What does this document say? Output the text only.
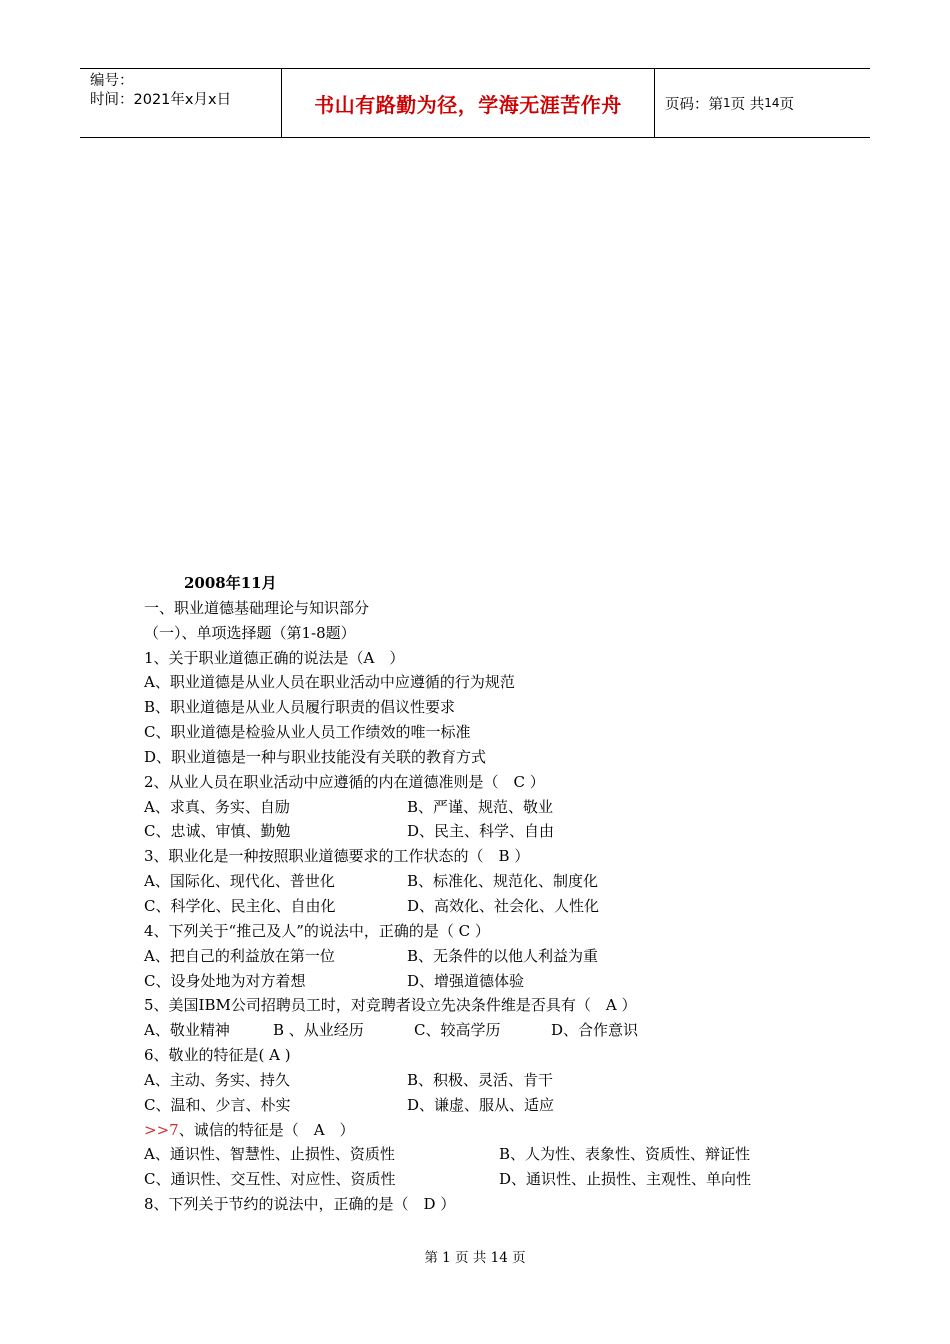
编号：
时间：2021年x月x日	书山有路勤为径，学海无涯苦作舟	页码：第 1 页 共 14 页
2008年11月
一、职业道德基础理论与知识部分
（一）、单项选择题（第1-8题）
1、关于职业道德正确的说法是（A　）
A、职业道德是从业人员在职业活动中应遵循的行为规范
B、职业道德是从业人员履行职责的倡议性要求
C、职业道德是检验从业人员工作绩效的唯一标准
D、职业道德是一种与职业技能没有关联的教育方式
2、从业人员在职业活动中应遵循的内在道德准则是（　C ）
A、求真、务实、自励	B、严谨、规范、敬业
C、忠诚、审慎、勤勉	D、民主、科学、自由
3、职业化是一种按照职业道德要求的工作状态的（　B ）
A、国际化、现代化、普世化	B、标准化、规范化、制度化
C、科学化、民主化、自由化	D、高效化、社会化、人性化
4、下列关于“推己及人”的说法中，正确的是（ C ）
A、把自己的利益放在第一位	B、无条件的以他人利益为重
C、设身处地为对方着想	D、增强道德体验
5、美国IBM公司招聘员工时，对竞聘者设立先决条件维是否具有（　A ）
A、敬业精神	B 、从业经历	C、较高学历	D、合作意识
6、敬业的特征是( A )
A、主动、务实、持久	B、积极、灵活、肯干
C、温和、少言、朴实	D、谦虚、服从、适应
>>7、诚信的特征是（　A　）
A、通识性、智慧性、止损性、资质性	B、人为性、表象性、资质性、辩证性
C、通识性、交互性、对应性、资质性	D、通识性、止损性、主观性、单向性
8、下列关于节约的说法中，正确的是（　D ）
第 1 页 共 14 页
